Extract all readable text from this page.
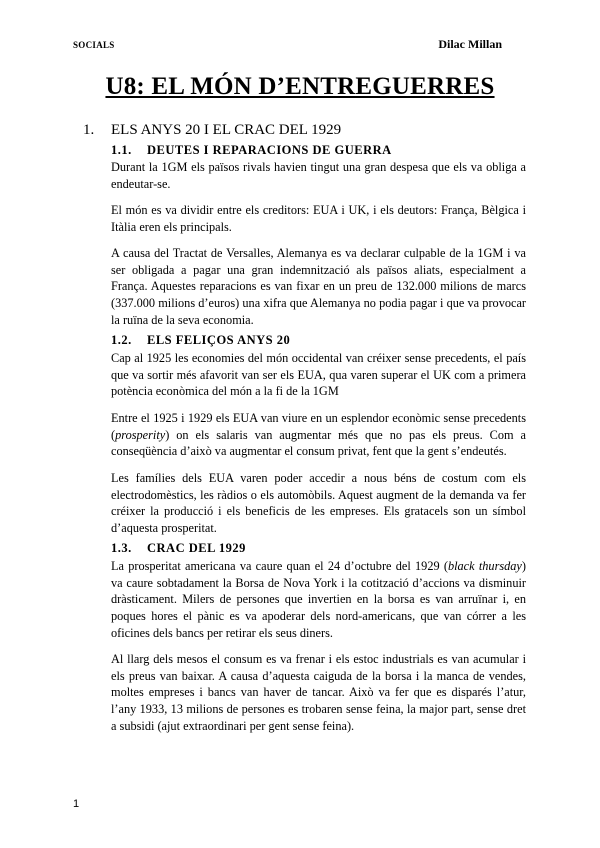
SOCIALS	Dilac Millan
U8: EL MÓN D’ENTREGUERRES
1. ELS ANYS 20 I EL CRAC DEL 1929
1.1. DEUTES I REPARACIONS DE GUERRA

Durant la 1GM els països rivals havien tingut una gran despesa que els va obliga a endeutar-se.

El món es va dividir entre els creditors: EUA i UK, i els deutors: França, Bèlgica i Itàlia eren els principals.

A causa del Tractat de Versalles, Alemanya es va declarar culpable de la 1GM i va ser obligada a pagar una gran indemnització als països aliats, especialment a França. Aquestes reparacions es van fixar en un preu de 132.000 milions de marcs (337.000 milions d’euros) una xifra que Alemanya no podia pagar i que va provocar la ruïna de la seva economia.

1.2. ELS FELIÇOS ANYS 20

Cap al 1925 les economies del món occidental van créixer sense precedents, el país que va sortir més afavorit van ser els EUA, qua varen superar el UK com a primera potència econòmica del món a la fi de la 1GM

Entre el 1925 i 1929 els EUA van viure en un esplendor econòmic sense precedents (prosperity) on els salaris van augmentar més que no pas els preus. Com a conseqüència d’això va augmentar el consum privat, fent que la gent s’endeutés.

Les famílies dels EUA varen poder accedir a nous béns de costum com els electrodomèstics, les ràdios o els automòbils. Aquest augment de la demanda va fer créixer la producció i els beneficis de les empreses. Els gratacels son un símbol d’aquesta prosperitat.

1.3. CRAC DEL 1929

La prosperitat americana va caure quan el 24 d’octubre del 1929 (black thursday) va caure sobtadament la Borsa de Nova York i la cotització d’accions va disminuir dràsticament. Milers de persones que invertien en la borsa es van arruïnar i, en poques hores el pànic es va apoderar dels nord-americans, que van córrer a les oficines dels bancs per retirar els seus diners.

Al llarg dels mesos el consum es va frenar i els estoc industrials es van acumular i els preus van baixar. A causa d’aquesta caiguda de la borsa i la manca de vendes, moltes empreses i bancs van haver de tancar. Això va fer que es disparés l’atur, l’any 1933, 13 milions de persones es trobaren sense feina, la major part, sense dret a subsidi (ajut extraordinari per gent sense feina).

1
